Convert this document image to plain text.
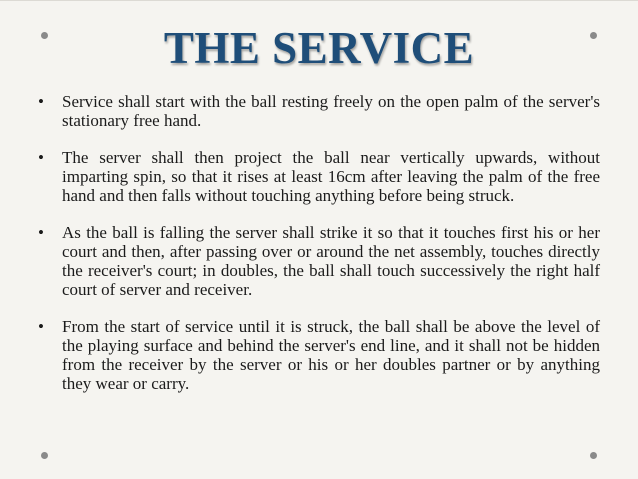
THE SERVICE
• Service shall start with the ball resting freely on the open palm of the server's stationary free hand.
• The server shall then project the ball near vertically upwards, without imparting spin, so that it rises at least 16cm after leaving the palm of the free hand and then falls without touching anything before being struck.
• As the ball is falling the server shall strike it so that it touches first his or her court and then, after passing over or around the net assembly, touches directly the receiver's court; in doubles, the ball shall touch successively the right half court of server and receiver.
• From the start of service until it is struck, the ball shall be above the level of the playing surface and behind the server's end line, and it shall not be hidden from the receiver by the server or his or her doubles partner or by anything they wear or carry.
